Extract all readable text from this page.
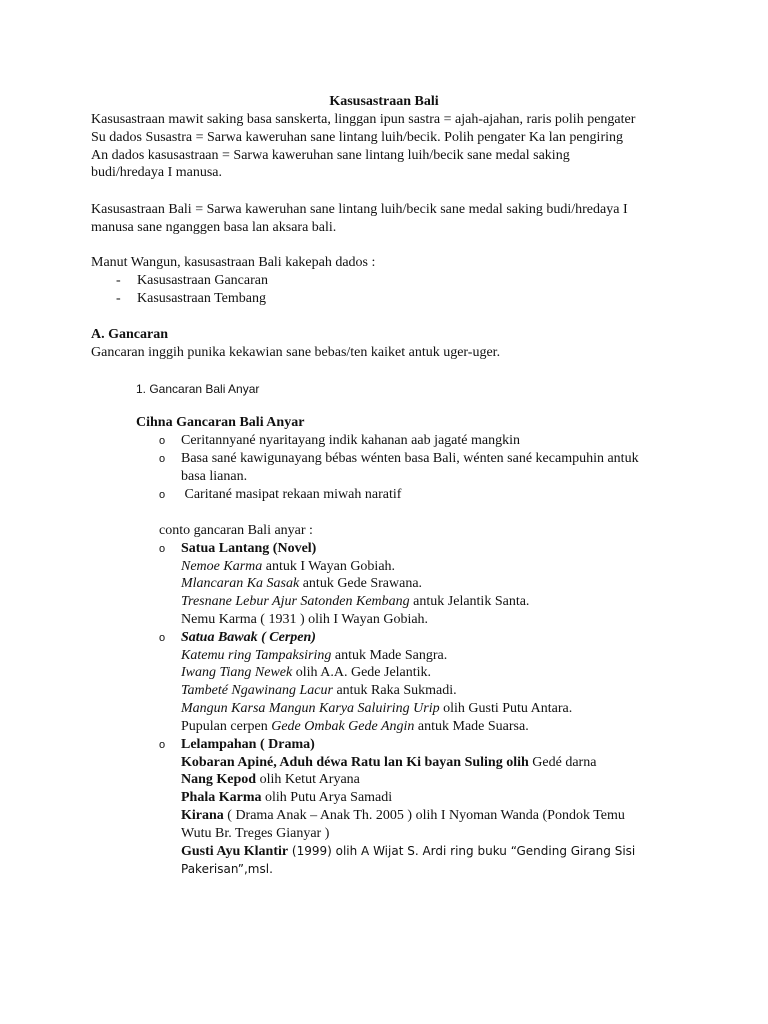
Kasusastraan Bali
Kasusastraan mawit saking basa sanskerta, linggan ipun sastra = ajah-ajahan, raris polih pengater
Su dados Susastra = Sarwa kaweruhan sane lintang luih/becik. Polih pengater Ka lan pengiring
An dados kasusastraan = Sarwa kaweruhan sane lintang luih/becik sane medal saking
budi/hredaya I manusa.
Kasusastraan Bali = Sarwa kaweruhan sane lintang luih/becik sane medal saking budi/hredaya I
manusa sane nganggen basa lan aksara bali.
Manut Wangun, kasusastraan Bali kakepah dados :
- Kasusastraan Gancaran
- Kasusastraan Tembang
A. Gancaran
Gancaran inggih punika kekawian sane bebas/ten kaiket antuk uger-uger.
1. Gancaran Bali Anyar
Cihna Gancaran Bali Anyar
o Ceritannyané nyaritayang indik kahanan aab jagaté mangkin
o Basa sané kawigunayang bébas wénten basa Bali, wénten sané kecampuhin antuk
basa lianan.
o Caritané masipat rekaan miwah naratif
conto gancaran Bali anyar :
o Satua Lantang (Novel)
Nemoe Karma antuk I Wayan Gobiah.
Mlancaran Ka Sasak antuk Gede Srawana.
Tresnane Lebur Ajur Satonden Kembang antuk Jelantik Santa.
Nemu Karma ( 1931 ) olih I Wayan Gobiah.
o Satua Bawak ( Cerpen)
Katemu ring Tampaksiring antuk Made Sangra.
Iwang Tiang Newek olih A.A. Gede Jelantik.
Tambeté Ngawinang Lacur antuk Raka Sukmadi.
Mangun Karsa Mangun Karya Saluiring Urip olih Gusti Putu Antara.
Pupulan cerpen Gede Ombak Gede Angin antuk Made Suarsa.
o Lelampahan ( Drama)
Kobaran Apiné, Aduh déwa Ratu lan Ki bayan Suling olih Gedé darna
Nang Kepod olih Ketut Aryana
Phala Karma olih Putu Arya Samadi
Kirana ( Drama Anak – Anak Th. 2005 ) olih I Nyoman Wanda (Pondok Temu
Wutu Br. Treges Gianyar )
Gusti Ayu Klantir (1999) olih A Wijat S. Ardi ring buku “Gending Girang Sisi
Pakerisan”,msl.
